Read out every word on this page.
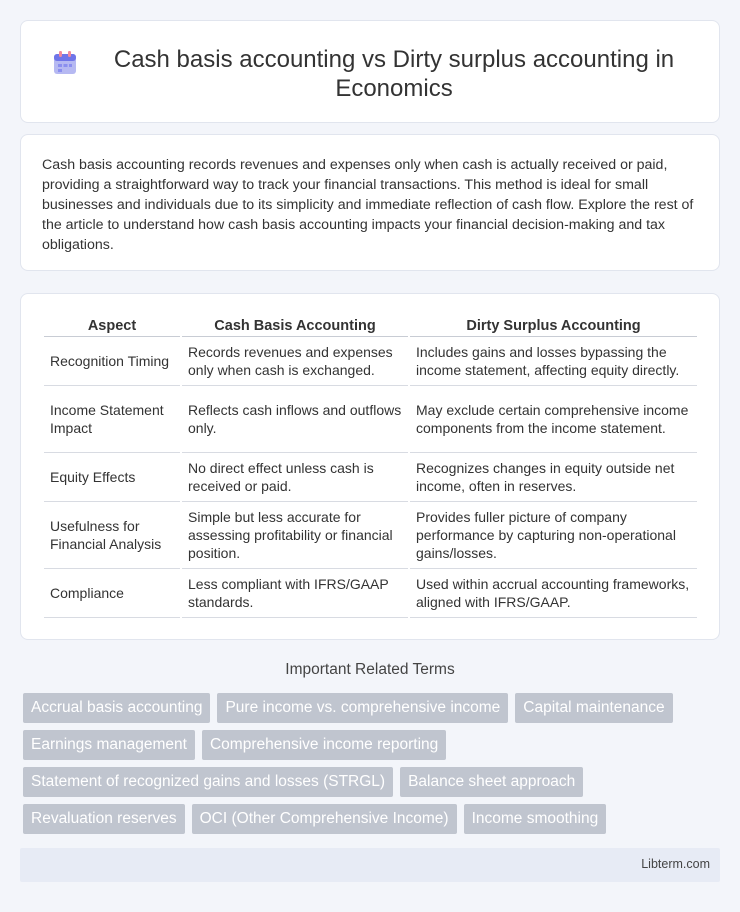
Cash basis accounting vs Dirty surplus accounting in Economics

Cash basis accounting records revenues and expenses only when cash is actually received or paid, providing a straightforward way to track your financial transactions. This method is ideal for small businesses and individuals due to its simplicity and immediate reflection of cash flow. Explore the rest of the article to understand how cash basis accounting impacts your financial decision-making and tax obligations.

Aspect	Cash Basis Accounting	Dirty Surplus Accounting
Recognition Timing	Records revenues and expenses only when cash is exchanged.	Includes gains and losses bypassing the income statement, affecting equity directly.
Income Statement Impact	Reflects cash inflows and outflows only.	May exclude certain comprehensive income components from the income statement.
Equity Effects	No direct effect unless cash is received or paid.	Recognizes changes in equity outside net income, often in reserves.
Usefulness for Financial Analysis	Simple but less accurate for assessing profitability or financial position.	Provides fuller picture of company performance by capturing non-operational gains/losses.
Compliance	Less compliant with IFRS/GAAP standards.	Used within accrual accounting frameworks, aligned with IFRS/GAAP.
Important Related Terms
Accrual basis accounting	Pure income vs. comprehensive income	Capital maintenance
Earnings management	Comprehensive income reporting
Statement of recognized gains and losses (STRGL)	Balance sheet approach
Revaluation reserves	OCI (Other Comprehensive Income)	Income smoothing
Libterm.com
